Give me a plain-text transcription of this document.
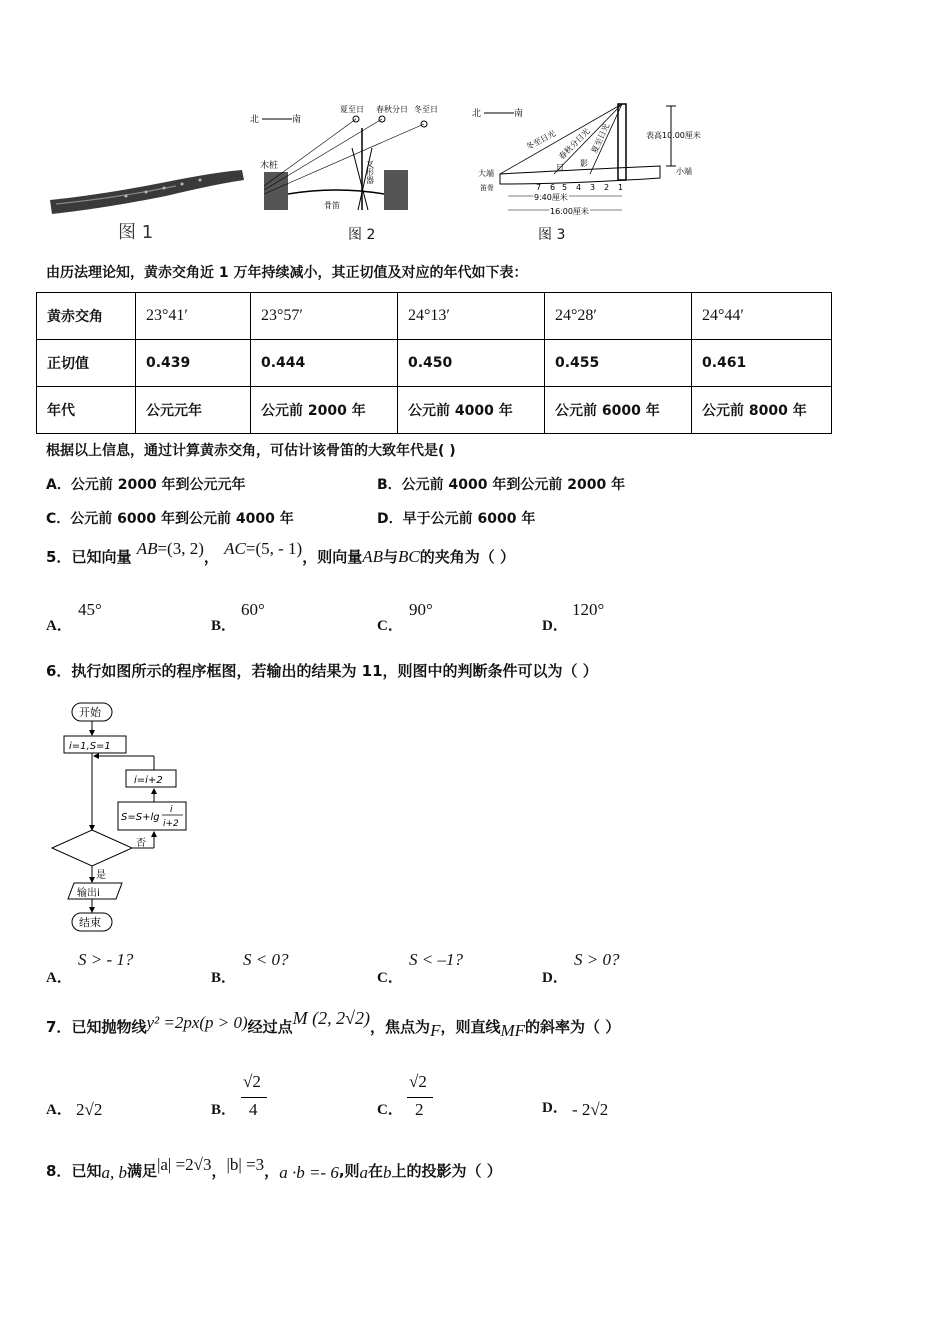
图 1
北	南
夏至日 春秋分日 冬至日
木桩	叉形器
骨笛
图 2
北	南
冬至日光 春秋分日光
夏至日光
日 影
表高10.00厘米
大端	小端
笛骨	7 6 5 4 3 2 1
9.40厘米
16.00厘米
图 3
由历法理论知，黄赤交角近 1 万年持续减小，其正切值及对应的年代如下表：
黄赤交角	23°41′	23°57′	24°13′	24°28′	24°44′
正切值	0.439	0.444	0.450	0.455	0.461
年代	公元元年	公元前 2000 年	公元前 4000 年	公元前 6000 年	公元前 8000 年
根据以上信息，通过计算黄赤交角，可估计该骨笛的大致年代是( )
A．公元前 2000 年到公元元年	B．公元前 4000 年到公元前 2000 年
C．公元前 6000 年到公元前 4000 年	D．早于公元前 6000 年
5．已知向量 AB=(3, 2)， AC=(5, - 1)，则向量AB与BC的夹角为（ ）
A．
45°
B．
60°
C．
90°
D．
120°
6．执行如图所示的程序框图，若输出的结果为 11，则图中的判断条件可以为（ ）
开始
i=1,S=1
i=i+2
S=S+lg
i
i+2
否
是
输出i
结束
A．
S > - 1?
B．
S < 0?
C．
S < –1?
D．
S > 0?
7．已知抛物线y² =2px(p > 0)经过点M (2, 2√2)，焦点为F，则直线MF的斜率为（ ）
A． 2√2	B．
√2
4	C．
√2
2	D． - 2√2
8．已知a, b满足|a| =2√3，|b| =3，a ·b =- 6,则a在b上的投影为（ ）
